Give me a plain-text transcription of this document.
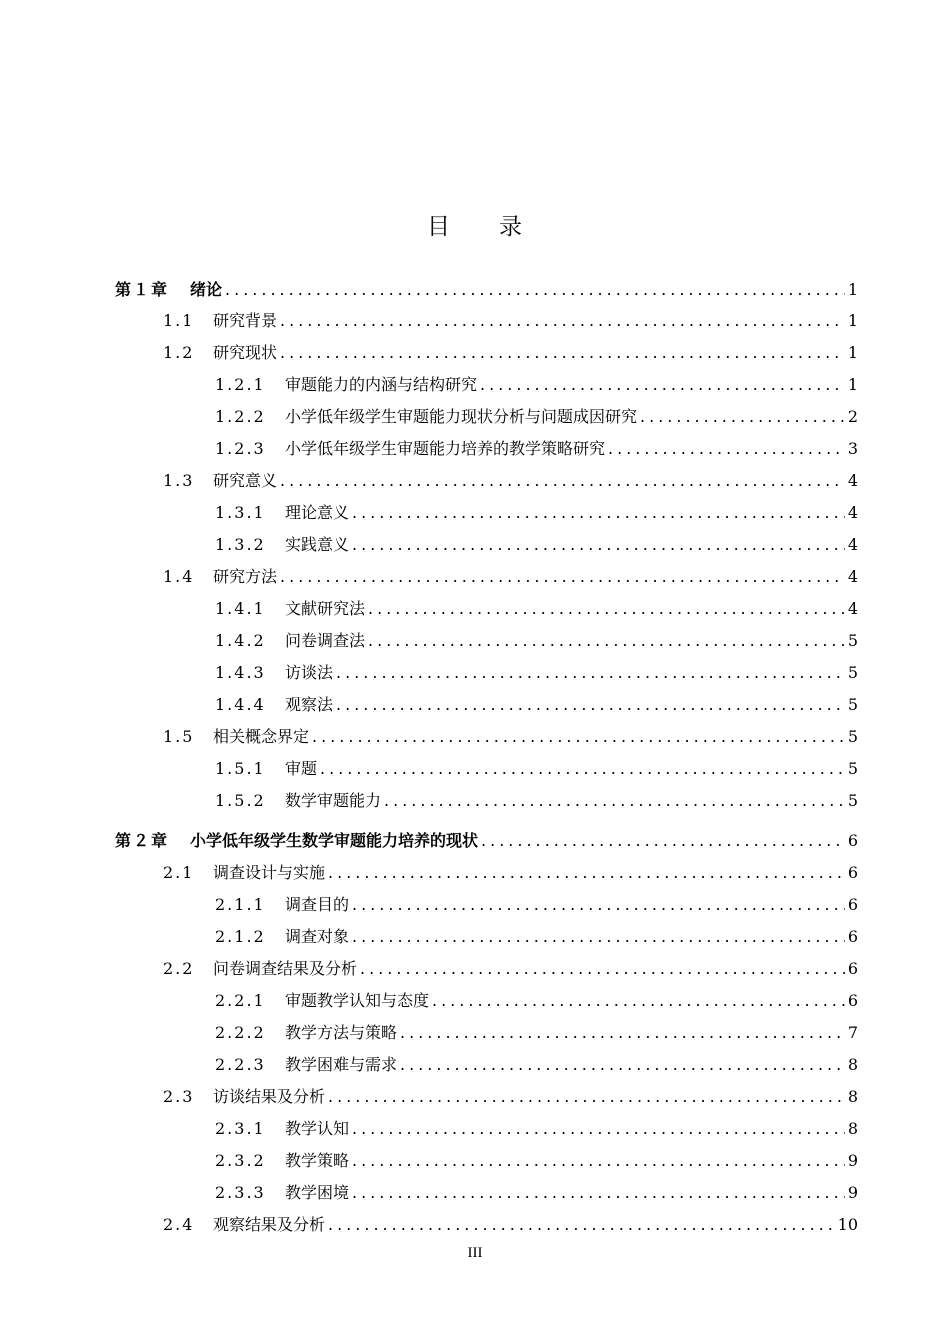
目 录
第１章	绪论 .....	1
1.1	研究背景 .....	1
1.2	研究现状 .....	1
1.2.1	审题能力的内涵与结构研究 .....	1
1.2.2	小学低年级学生审题能力现状分析与问题成因研究 .....	2
1.2.3	小学低年级学生审题能力培养的教学策略研究 .....	3
1.3	研究意义 .....	4
1.3.1	理论意义 .....	4
1.3.2	实践意义 .....	4
1.4	研究方法 .....	4
1.4.1	文献研究法 .....	4
1.4.2	问卷调查法 .....	5
1.4.3	访谈法 .....	5
1.4.4	观察法 .....	5
1.5	相关概念界定 .....	5
1.5.1	审题 .....	5
1.5.2	数学审题能力 .....	5
第２章	小学低年级学生数学审题能力培养的现状 .....	6
2.1	调查设计与实施 .....	6
2.1.1	调查目的 .....	6
2.1.2	调查对象 .....	6
2.2	问卷调查结果及分析 .....	6
2.2.1	审题教学认知与态度 .....	6
2.2.2	教学方法与策略 .....	7
2.2.3	教学困难与需求 .....	8
2.3	访谈结果及分析 .....	8
2.3.1	教学认知 .....	8
2.3.2	教学策略 .....	9
2.3.3	教学困境 .....	9
2.4	观察结果及分析 .....	10
III
